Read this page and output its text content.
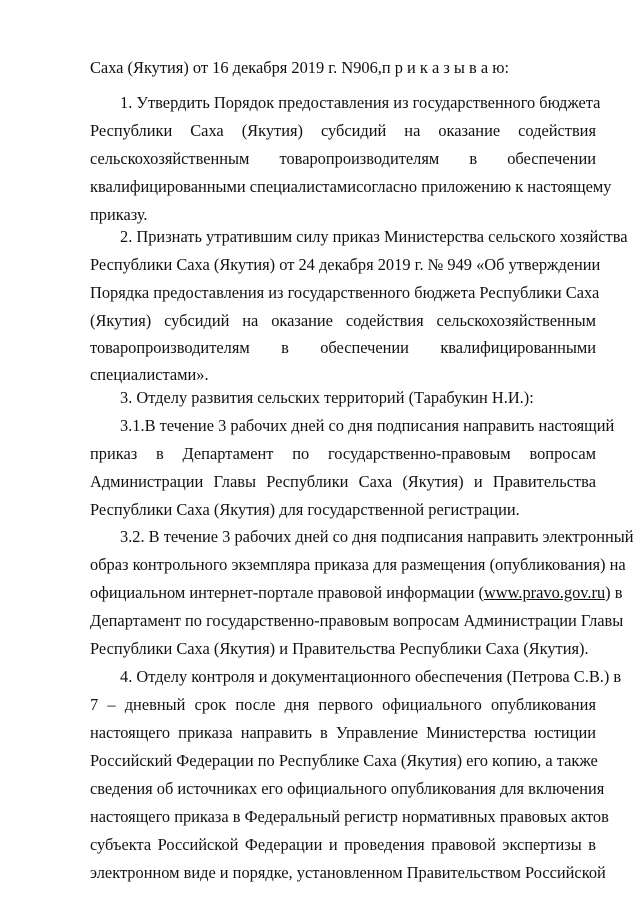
Саха (Якутия) от 16 декабря 2019 г. N906,п р и к а з ы в а ю:
1. Утвердить Порядок предоставления из государственного бюджета
Республики Саха (Якутия) субсидий на оказание содействия
сельскохозяйственным товаропроизводителям в обеспечении
квалифицированными специалистамисогласно приложению к настоящему
приказу.
2. Признать утратившим силу приказ Министерства сельского хозяйства
Республики Саха (Якутия) от 24 декабря 2019 г. № 949 «Об утверждении
Порядка предоставления из государственного бюджета Республики Саха
(Якутия) субсидий на оказание содействия сельскохозяйственным
товаропроизводителям в обеспечении квалифицированными
специалистами».
3. Отделу развития сельских территорий (Тарабукин Н.И.):
3.1.В течение 3 рабочих дней со дня подписания направить настоящий
приказ в Департамент по государственно-правовым вопросам
Администрации Главы Республики Саха (Якутия) и Правительства
Республики Саха (Якутия) для государственной регистрации.
3.2. В течение 3 рабочих дней со дня подписания направить электронный
образ контрольного экземпляра приказа для размещения (опубликования) на
официальном интернет-портале правовой информации ( www.pravo.gov.ru ) в
Департамент по государственно-правовым вопросам Администрации Главы
Республики Саха (Якутия) и Правительства Республики Саха (Якутия).
4. Отделу контроля и документационного обеспечения (Петрова С.В.) в
7 – дневный срок после дня первого официального опубликования
настоящего приказа направить в Управление Министерства юстиции
Российский Федерации по Республике Саха (Якутия) его копию, а также
сведения об источниках его официального опубликования для включения
настоящего приказа в Федеральный регистр нормативных правовых актов
субъекта Российской Федерации и проведения правовой экспертизы в
электронном виде и порядке, установленном Правительством Российской
